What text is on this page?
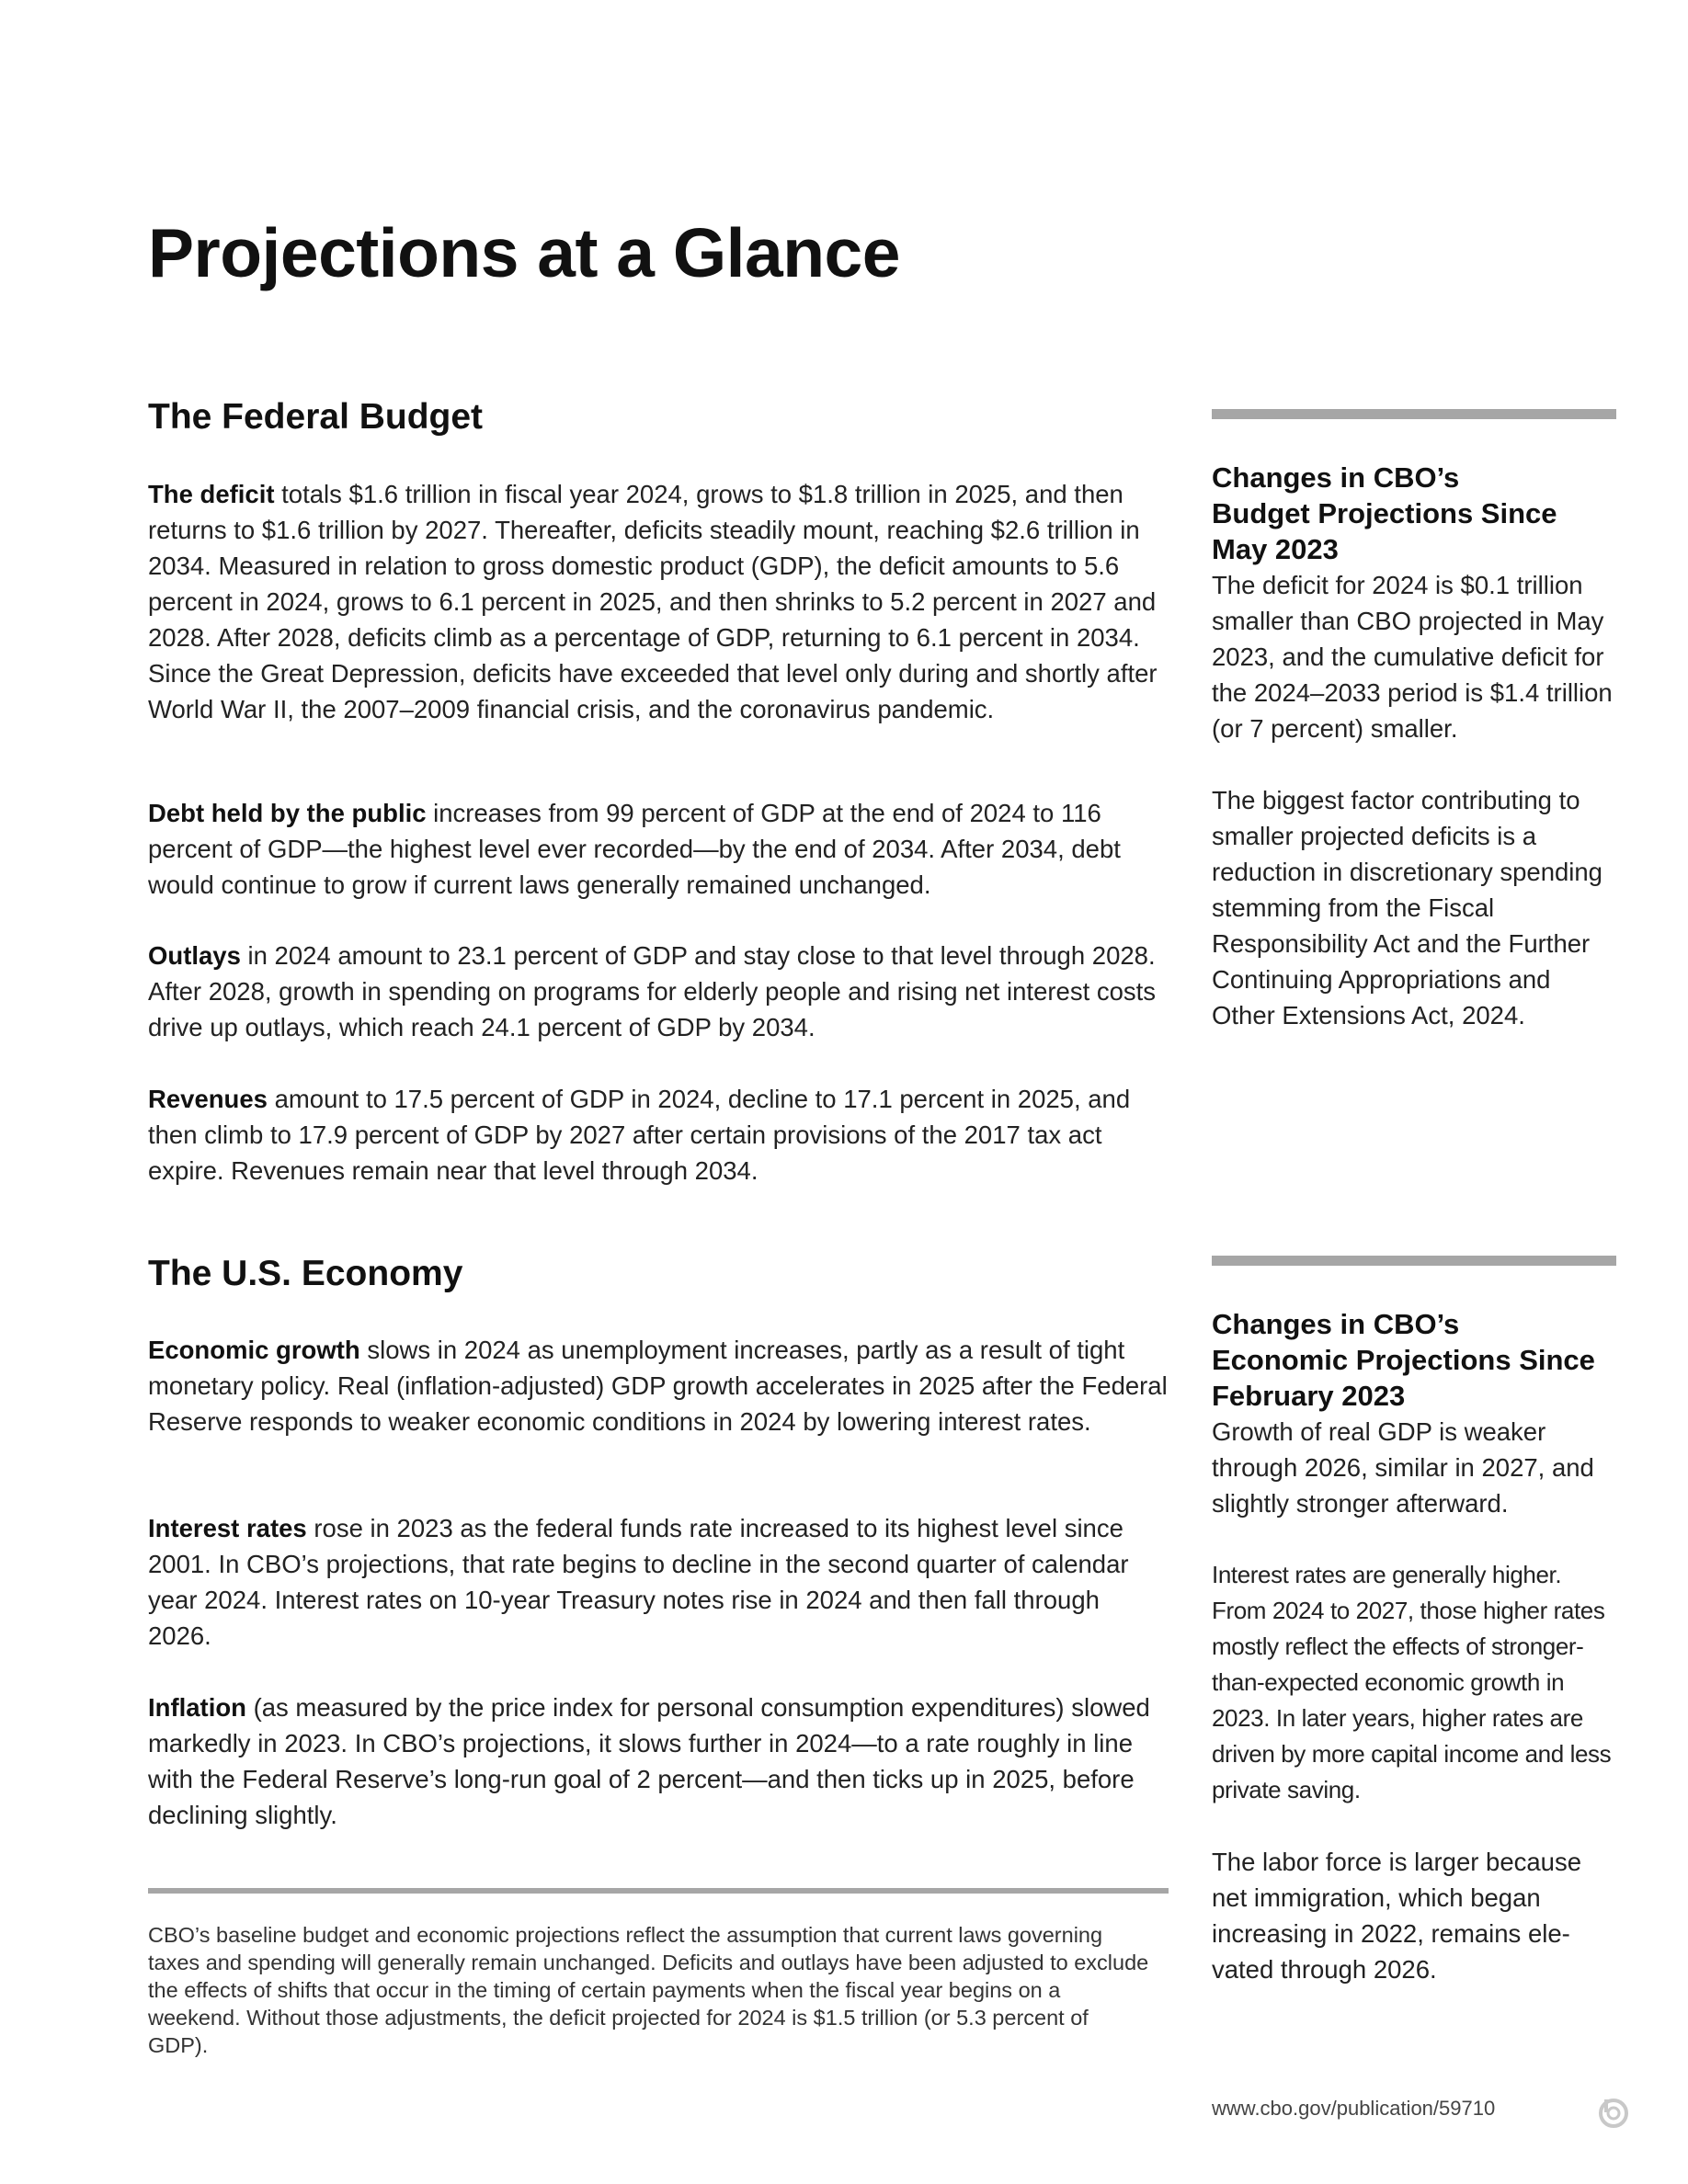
Projections at a Glance
The Federal Budget

The deficit totals $1.6 trillion in fiscal year 2024, grows to $1.8 trillion in 2025, and then returns to $1.6 trillion by 2027. Thereafter, deficits steadily mount, reaching $2.6 trillion in 2034. Measured in relation to gross domestic product (GDP), the deficit amounts to 5.6 percent in 2024, grows to 6.1 percent in 2025, and then shrinks to 5.2 percent in 2027 and 2028. After 2028, deficits climb as a percentage of GDP, returning to 6.1 percent in 2034. Since the Great Depression, deficits have exceeded that level only during and shortly after World War II, the 2007–2009 financial crisis, and the coronavirus pandemic.

Debt held by the public increases from 99 percent of GDP at the end of 2024 to 116 percent of GDP—the highest level ever recorded—by the end of 2034. After 2034, debt would continue to grow if current laws generally remained unchanged.

Outlays in 2024 amount to 23.1 percent of GDP and stay close to that level through 2028. After 2028, growth in spending on programs for elderly people and rising net interest costs drive up outlays, which reach 24.1 percent of GDP by 2034.

Revenues amount to 17.5 percent of GDP in 2024, decline to 17.1 percent in 2025, and then climb to 17.9 percent of GDP by 2027 after certain provisions of the 2017 tax act expire. Revenues remain near that level through 2034.

Changes in CBO’s
Budget Projections Since
May 2023

The deficit for 2024 is $0.1 trillion smaller than CBO projected in May 2023, and the cumulative deficit for the 2024–2033 period is $1.4 trillion (or 7 percent) smaller.

The biggest factor contributing to smaller projected deficits is a reduction in discretionary spending stemming from the Fiscal Responsibility Act and the Further Continuing Appropriations and Other Extensions Act, 2024.

The U.S. Economy

Economic growth slows in 2024 as unemployment increases, partly as a result of tight monetary policy. Real (inflation-adjusted) GDP growth accelerates in 2025 after the Federal Reserve responds to weaker economic conditions in 2024 by lowering interest rates.

Interest rates rose in 2023 as the federal funds rate increased to its highest level since 2001. In CBO’s projections, that rate begins to decline in the second quarter of calendar year 2024. Interest rates on 10-year Treasury notes rise in 2024 and then fall through 2026.

Inflation (as measured by the price index for personal consumption expenditures) slowed markedly in 2023. In CBO’s projections, it slows further in 2024—to a rate roughly in line with the Federal Reserve’s long-run goal of 2 percent—and then ticks up in 2025, before declining slightly.

Changes in CBO’s
Economic Projections Since
February 2023

Growth of real GDP is weaker through 2026, similar in 2027, and slightly stronger afterward.

Interest rates are generally higher. From 2024 to 2027, those higher rates mostly reflect the effects of stronger-than-expected economic growth in 2023. In later years, higher rates are driven by more capital income and less private saving.

The labor force is larger because net immigration, which began increasing in 2022, remains elevated through 2026.

CBO’s baseline budget and economic projections reflect the assumption that current laws governing taxes and spending will generally remain unchanged. Deficits and outlays have been adjusted to exclude the effects of shifts that occur in the timing of certain payments when the fiscal year begins on a weekend. Without those adjustments, the deficit projected for 2024 is $1.5 trillion (or 5.3 percent of GDP).

www.cbo.gov/publication/59710
